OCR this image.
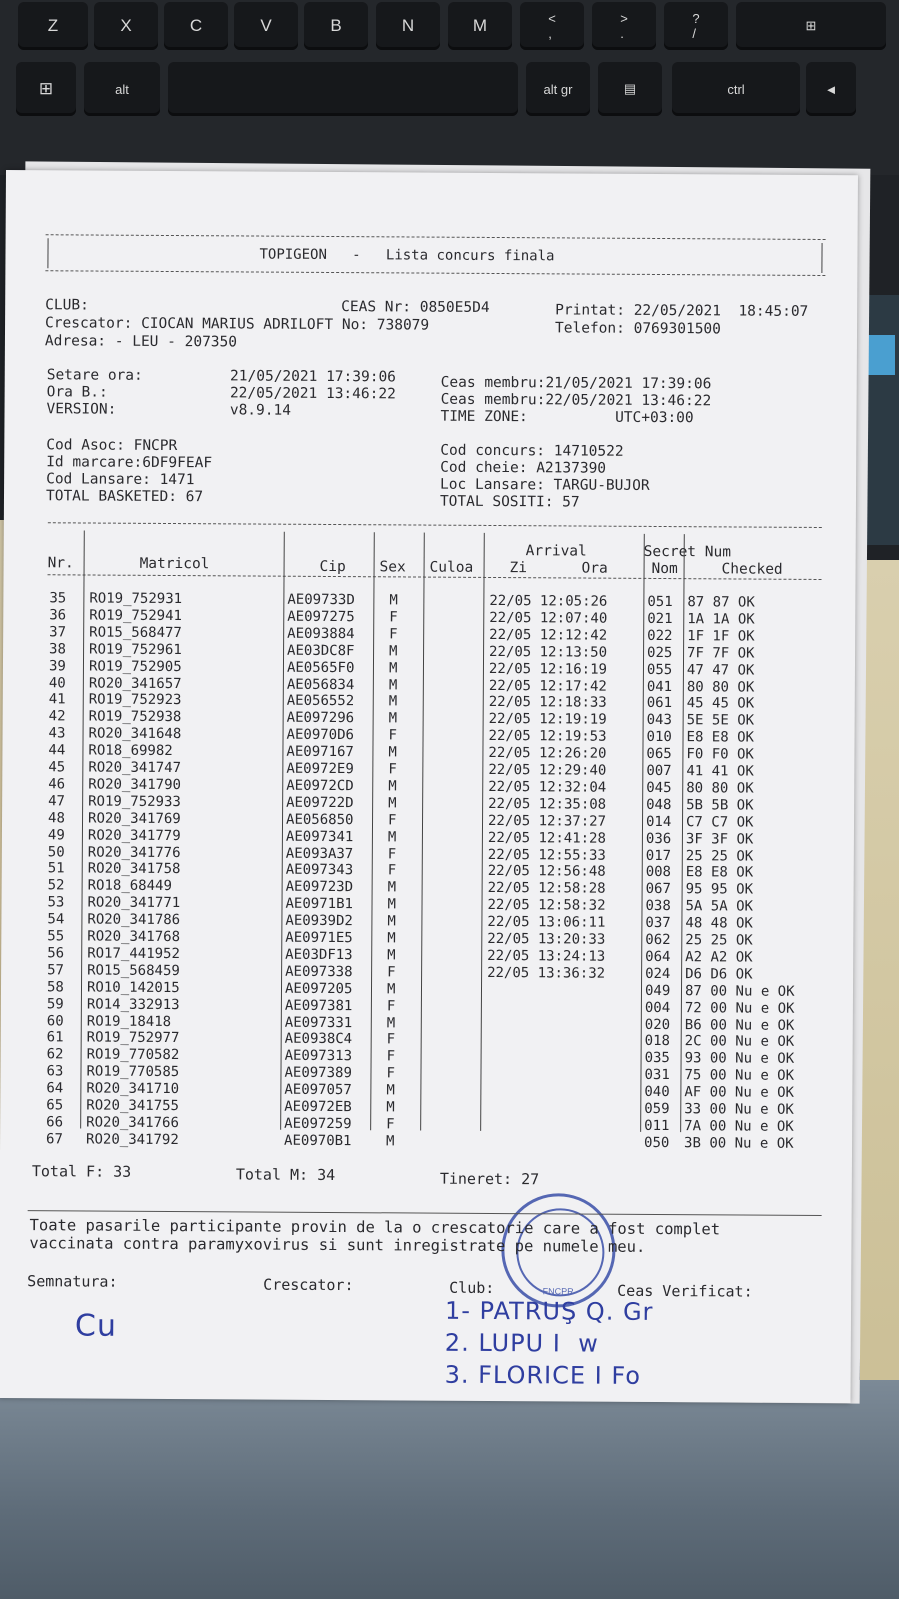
Z	X	C	V	B	N	M	<
,
>
.
?
/
⊞
⊞	alt	alt gr	▤	ctrl	◄
TOPIGEON   -   Lista concurs finala
CLUB:	CEAS Nr: 0850E5D4	Printat: 22/05/2021  18:45:07
Crescator: CIOCAN MARIUS ADRILOFT No: 738079	Telefon: 0769301500
Adresa: - LEU - 207350
Setare ora:          21/05/2021 17:39:06
Ora B.:              22/05/2021 13:46:22
VERSION:             v8.9.14
Ceas membru:21/05/2021 17:39:06
Ceas membru:22/05/2021 13:46:22
TIME ZONE:          UTC+03:00
Cod Asoc: FNCPR
Id marcare:6DF9FEAF
Cod Lansare: 1471
TOTAL BASKETED: 67
Cod concurs: 14710522
Cod cheie: A2137390
Loc Lansare: TARGU-BUJOR
TOTAL SOSITI: 57
Secret Num
Arrival
Nr.	Matricol	Cip Sex Culoa Zi	Ora	Nom	Checked
35 RO19_752931	AE09733D M	22/05 12:05:26	051 87 87 OK
36 RO19_752941	AE097275 F	22/05 12:07:40	021 1A 1A OK
37 RO15_568477	AE093884 F	22/05 12:12:42	022 1F 1F OK
38 RO19_752961	AE03DC8F M	22/05 12:13:50	025 7F 7F OK
39 RO19_752905	AE0565F0 M	22/05 12:16:19	055 47 47 OK
40 RO20_341657	AE056834 M	22/05 12:17:42	041 80 80 OK
41 RO19_752923	AE056552 M	22/05 12:18:33	061 45 45 OK
42 RO19_752938	AE097296 M	22/05 12:19:19	043 5E 5E OK
43 RO20_341648	AE0970D6 F	22/05 12:19:53	010 E8 E8 OK
44 RO18_69982	AE097167 M	22/05 12:26:20	065 F0 F0 OK
45 RO20_341747	AE0972E9 F	22/05 12:29:40	007 41 41 OK
46 RO20_341790	AE0972CD M	22/05 12:32:04	045 80 80 OK
47 RO19_752933	AE09722D M	22/05 12:35:08	048 5B 5B OK
48 RO20_341769	AE056850 F	22/05 12:37:27	014 C7 C7 OK
49 RO20_341779	AE097341 M	22/05 12:41:28	036 3F 3F OK
50 RO20_341776	AE093A37 F	22/05 12:55:33	017 25 25 OK
51 RO20_341758	AE097343 F	22/05 12:56:48	008 E8 E8 OK
52 RO18_68449	AE09723D M	22/05 12:58:28	067 95 95 OK
53 RO20_341771	AE0971B1 M	22/05 12:58:32	038 5A 5A OK
54 RO20_341786	AE0939D2 M	22/05 13:06:11	037 48 48 OK
55 RO20_341768	AE0971E5 M	22/05 13:20:33	062 25 25 OK
56 RO17_441952	AE03DF13 M	22/05 13:24:13	064 A2 A2 OK
57 RO15_568459	AE097338 F	22/05 13:36:32	024 D6 D6 OK
58 RO10_142015	AE097205 M	049 87 00 Nu e OK
59 RO14_332913	AE097381 F	004 72 00 Nu e OK
60 RO19_18418	AE097331 M	020 B6 00 Nu e OK
61 RO19_752977	AE0938C4 F	018 2C 00 Nu e OK
62 RO19_770582	AE097313 F	035 93 00 Nu e OK
63 RO19_770585	AE097389 F	031 75 00 Nu e OK
64 RO20_341710	AE097057 M	040 AF 00 Nu e OK
65 RO20_341755	AE0972EB M	059 33 00 Nu e OK
66 RO20_341766	AE097259 F	011 7A 00 Nu e OK
67 RO20_341792	AE0970B1 M	050 3B 00 Nu e OK
FNCPR
Total F: 33	Total M: 34	Tineret: 27
Toate pasarile participante provin de la o crescatorie care a fost complet
vaccinata contra paramyxovirus si sunt inregistrate pe numele meu.
Semnatura:	Crescator:	Club:	Ceas Verificat:
Cu	1- PATRUŞ Q. Gr
2. LUPU I  w
3. FLORICE I Fo
